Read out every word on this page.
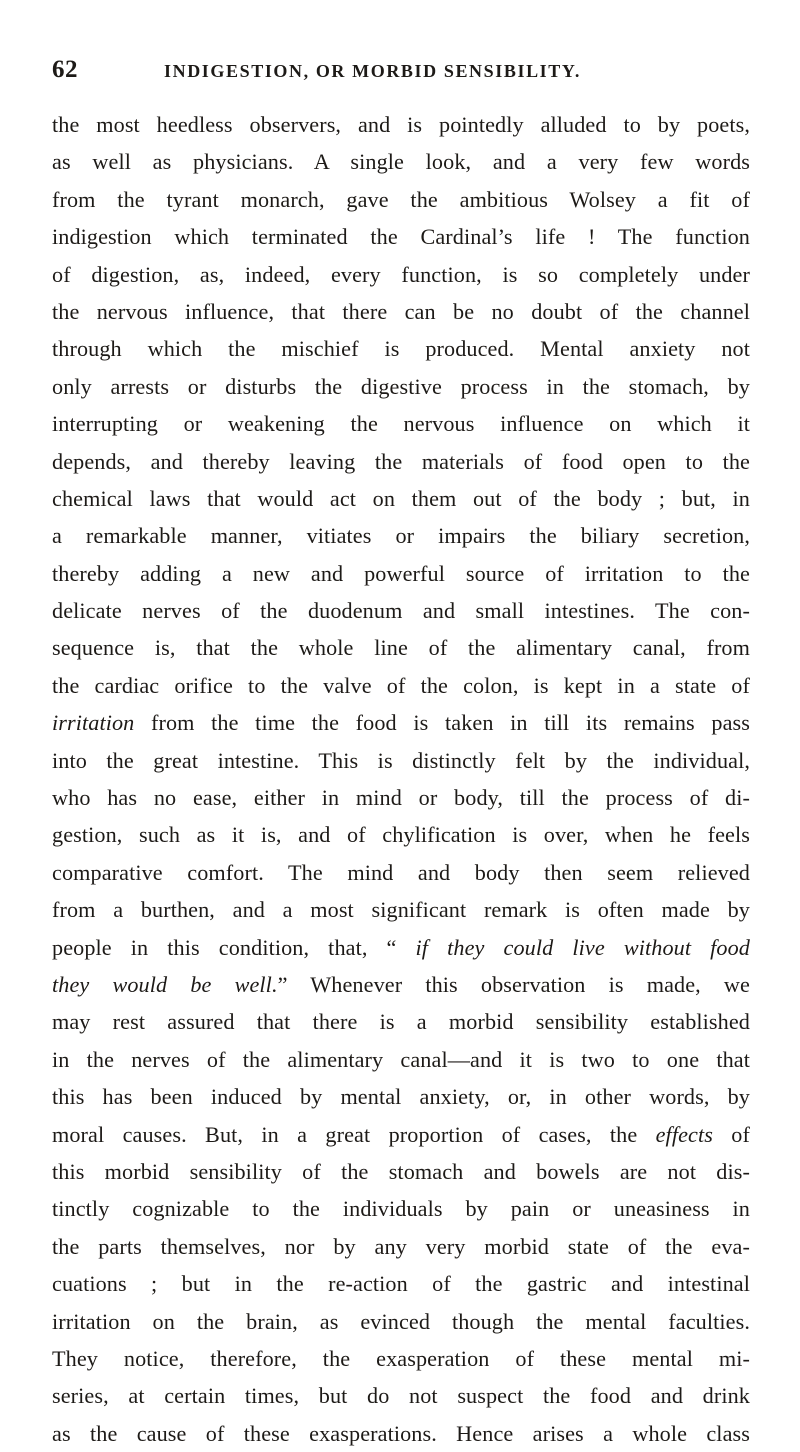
62	INDIGESTION, OR MORBID SENSIBILITY.
the most heedless observers, and is pointedly alluded to by poets,
as well as physicians. A single look, and a very few words
from the tyrant monarch, gave the ambitious Wolsey a fit of
indigestion which terminated the Cardinal’s life ! The function
of digestion, as, indeed, every function, is so completely under
the nervous influence, that there can be no doubt of the channel
through which the mischief is produced. Mental anxiety not
only arrests or disturbs the digestive process in the stomach, by
interrupting or weakening the nervous influence on which it
depends, and thereby leaving the materials of food open to the
chemical laws that would act on them out of the body ; but, in
a remarkable manner, vitiates or impairs the biliary secretion,
thereby adding a new and powerful source of irritation to the
delicate nerves of the duodenum and small intestines. The con-
sequence is, that the whole line of the alimentary canal, from
the cardiac orifice to the valve of the colon, is kept in a state of
irritation from the time the food is taken in till its remains pass
into the great intestine. This is distinctly felt by the individual,
who has no ease, either in mind or body, till the process of di-
gestion, such as it is, and of chylification is over, when he feels
comparative comfort. The mind and body then seem relieved
from a burthen, and a most significant remark is often made by
people in this condition, that, “ if they could live without food
they would be well.” Whenever this observation is made, we
may rest assured that there is a morbid sensibility established
in the nerves of the alimentary canal—and it is two to one that
this has been induced by mental anxiety, or, in other words, by
moral causes. But, in a great proportion of cases, the effects of
this morbid sensibility of the stomach and bowels are not dis-
tinctly cognizable to the individuals by pain or uneasiness in
the parts themselves, nor by any very morbid state of the eva-
cuations ; but in the re-action of the gastric and intestinal
irritation on the brain, as evinced though the mental faculties.
They notice, therefore, the exasperation of these mental mi-
series, at certain times, but do not suspect the food and drink
as the cause of these exasperations. Hence arises a whole class
